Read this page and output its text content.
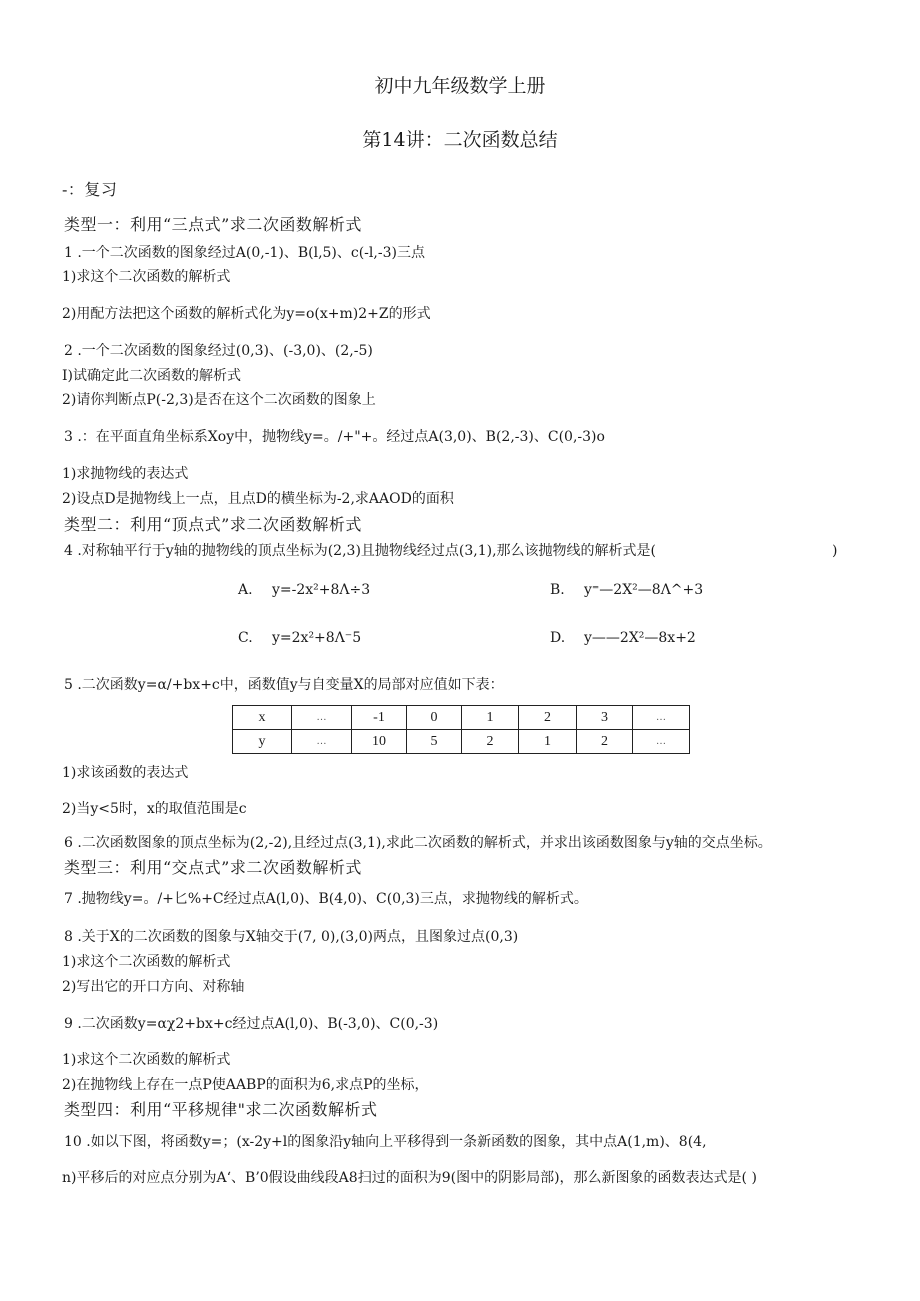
初中九年级数学上册
第14讲：二次函数总结
-：复习
类型一：利用“三点式”求二次函数解析式
1 .一个二次函数的图象经过A(0,-1)、B(l,5)、c(-l,-3)三点
1)求这个二次函数的解析式
2)用配方法把这个函数的解析式化为y=o(x+m)2+Z的形式
2 .一个二次函数的图象经过(0,3)、(-3,0)、(2,-5)
I)试确定此二次函数的解析式
2)请你判断点P(-2,3)是否在这个二次函数的图象上
3 .：在平面直角坐标系Xoy中，抛物线y=。/+"+。经过点A(3,0)、B(2,-3)、C(0,-3)o
1)求抛物线的表达式
2)设点D是抛物线上一点，且点D的横坐标为-2,求AAOD的面积
类型二：利用“顶点式”求二次函数解析式
4 .对称轴平行于y轴的抛物线的顶点坐标为(2,3)且抛物线经过点(3,1),那么该抛物线的解析式是(	)
A. y=-2x²+8Λ÷3	B. y⁼—2X²—8Λ^+3
C. y=2x²+8Λ⁻5	D. y——2X²—8x+2
5 .二次函数y=α/+bx+c中，函数值y与自变量X的局部对应值如下表：
x	…	-1	0	1	2	3	…
y	…	10	5	2	1	2	…
1)求该函数的表达式
2)当y<5时，x的取值范围是c
6 .二次函数图象的顶点坐标为(2,-2),且经过点(3,1),求此二次函数的解析式，并求出该函数图象与y轴的交点坐标。
类型三：利用“交点式”求二次函数解析式
7 .抛物线y=。/+匕%+C经过点A(l,0)、B(4,0)、C(0,3)三点，求抛物线的解析式。
8 .关于X的二次函数的图象与X轴交于(7, 0),(3,0)两点，且图象过点(0,3)
1)求这个二次函数的解析式
2)写出它的开口方向、对称轴
9 .二次函数y=αχ2+bx+c经过点A(l,0)、B(-3,0)、C(0,-3)
1)求这个二次函数的解析式
2)在抛物线上存在一点P使AABP的面积为6,求点P的坐标，
类型四：利用“平移规律"求二次函数解析式
10 .如以下图，将函数y=；(x-2y+l的图象沿y轴向上平移得到一条新函数的图象，其中点A(1,m)、8(4,
n)平移后的对应点分别为A‘、B’0假设曲线段A8扫过的面积为9(图中的阴影局部)，那么新图象的函数表达式是( )
